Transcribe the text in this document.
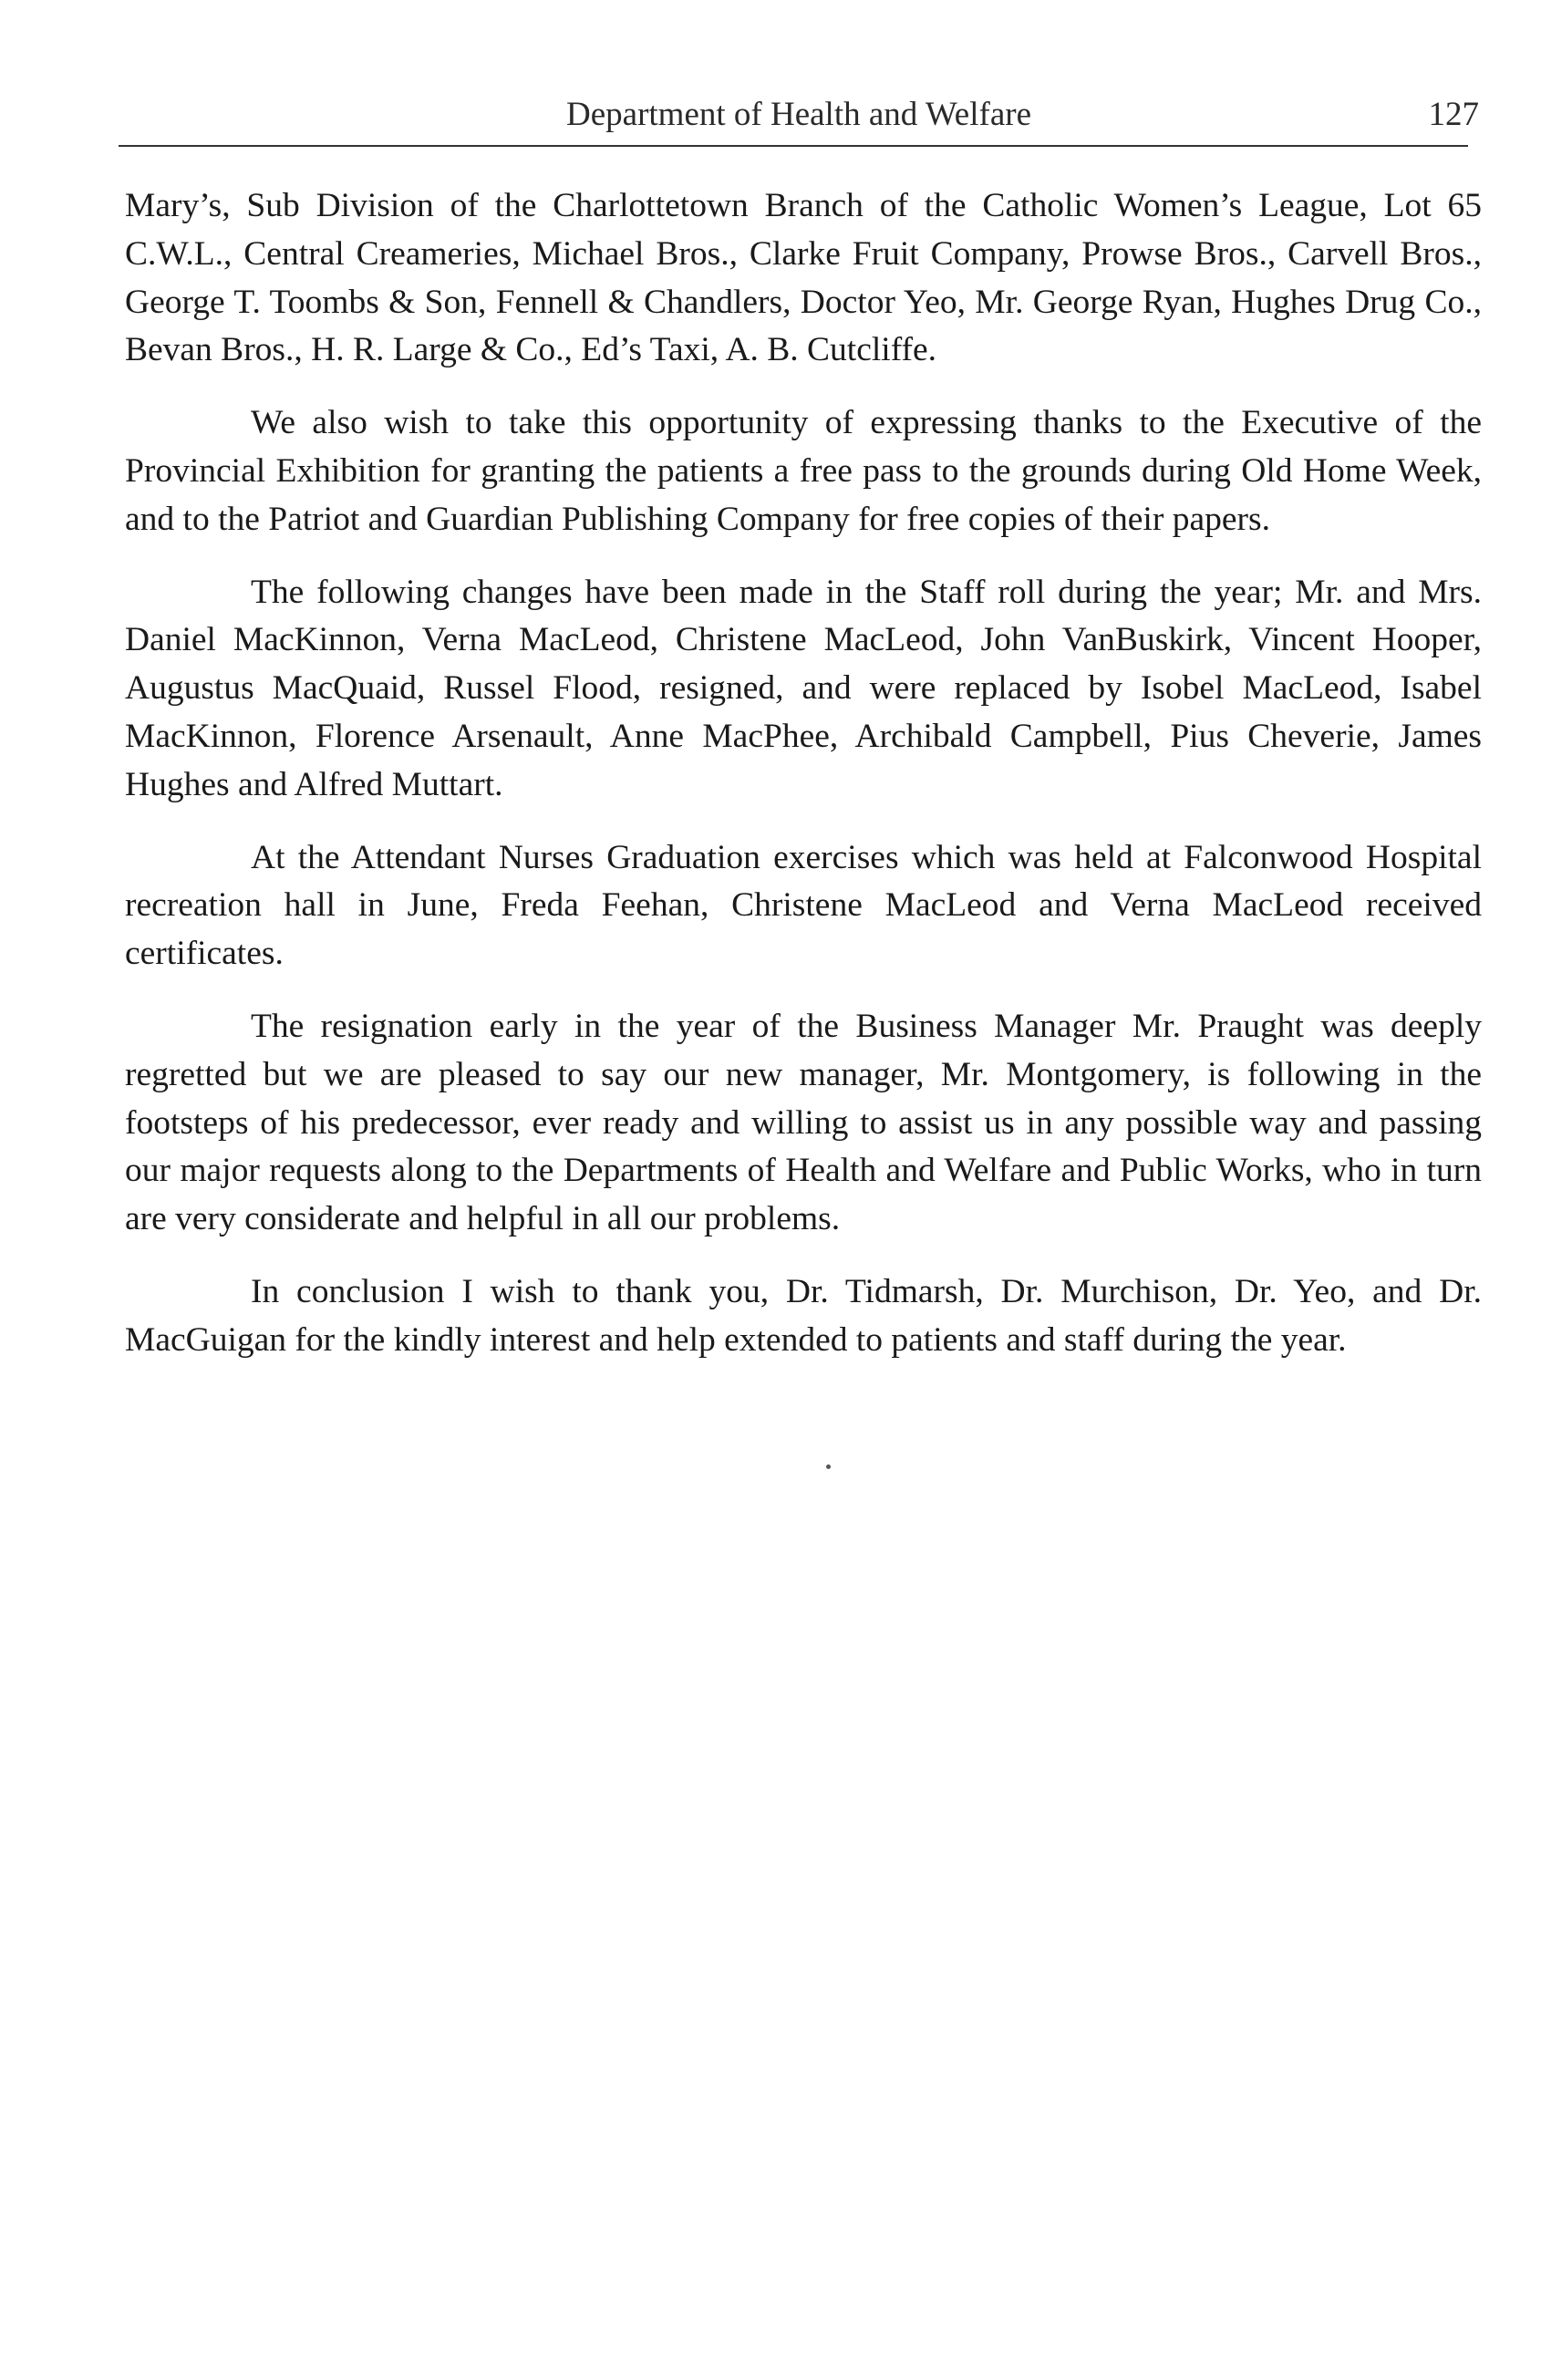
Department of Health and Welfare	127

Mary’s, Sub Division of the Charlottetown Branch of the Catholic Women’s League, Lot 65 C.W.L., Central Creameries, Michael Bros., Clarke Fruit Company, Prowse Bros., Carvell Bros., George T. Toombs & Son, Fennell & Chandlers, Doctor Yeo, Mr. George Ryan, Hughes Drug Co., Bevan Bros., H. R. Large & Co., Ed’s Taxi, A. B. Cutcliffe.

We also wish to take this opportunity of expressing thanks to the Executive of the Provincial Exhibition for granting the patients a free pass to the grounds during Old Home Week, and to the Patriot and Guardian Publishing Company for free copies of their papers.

The following changes have been made in the Staff roll during the year; Mr. and Mrs. Daniel MacKinnon, Verna MacLeod, Christene MacLeod, John VanBuskirk, Vincent Hooper, Augustus MacQuaid, Russel Flood, resigned, and were replaced by Isobel MacLeod, Isabel MacKinnon, Florence Arsenault, Anne MacPhee, Archibald Campbell, Pius Cheverie, James Hughes and Alfred Muttart.

At the Attendant Nurses Graduation exercises which was held at Falconwood Hospital recreation hall in June, Freda Feehan, Christene MacLeod and Verna MacLeod received certificates.

The resignation early in the year of the Business Manager Mr. Praught was deeply regretted but we are pleased to say our new manager, Mr. Montgomery, is following in the footsteps of his predecessor, ever ready and willing to assist us in any possible way and passing our major requests along to the Departments of Health and Welfare and Public Works, who in turn are very considerate and helpful in all our problems.

In conclusion I wish to thank you, Dr. Tidmarsh, Dr. Murchison, Dr. Yeo, and Dr. MacGuigan for the kindly interest and help extended to patients and staff during the year.
